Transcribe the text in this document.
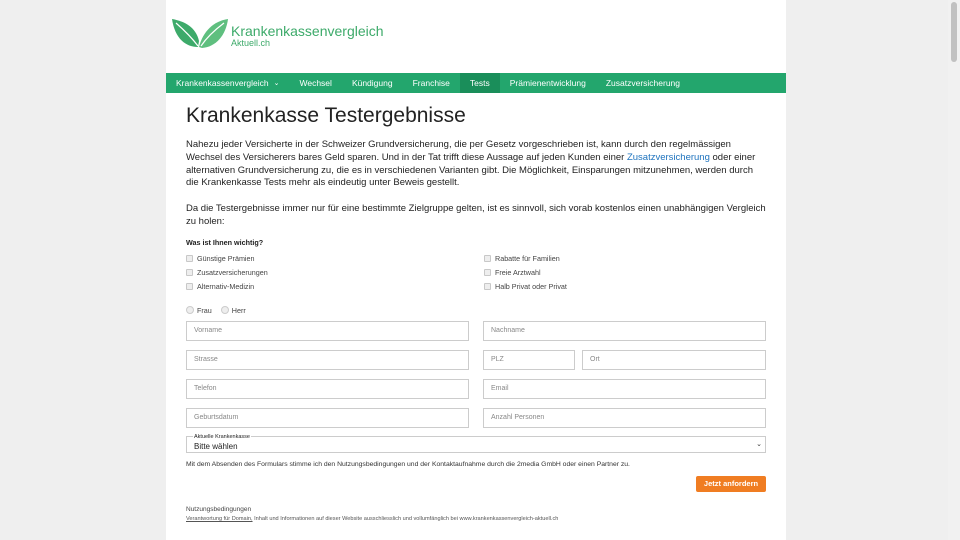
Krankenkassenvergleich
Aktuell.ch
Krankenkassenvergleich ⌄	Wechsel	Kündigung	Franchise	Tests	Prämienentwicklung	Zusatzversicherung
Krankenkasse Testergebnisse

Nahezu jeder Versicherte in der Schweizer Grundversicherung, die per Gesetz vorgeschrieben ist, kann durch den regelmässigen Wechsel des Versicherers bares Geld sparen. Und in der Tat trifft diese Aussage auf jeden Kunden einer Zusatzversicherung oder einer alternativen Grundversicherung zu, die es in verschiedenen Varianten gibt. Die Möglichkeit, Einsparungen mitzunehmen, werden durch die Krankenkasse Tests mehr als eindeutig unter Beweis gestellt.

Da die Testergebnisse immer nur für eine bestimmte Zielgruppe gelten, ist es sinnvoll, sich vorab kostenlos einen unabhängigen Vergleich zu holen:

Was ist Ihnen wichtig?
Günstige Prämien	Rabatte für Familien
Zusatzversicherungen	Freie Arztwahl
Alternativ-Medizin	Halb Privat oder Privat
Frau	Herr
Vorname	Nachname
Strasse	PLZ	Ort
Telefon	Email
Geburtsdatum	Anzahl Personen
Aktuelle Krankenkasse
Bitte wählen	⌄
Mit dem Absenden des Formulars stimme ich den Nutzungsbedingungen und der Kontaktaufnahme durch die 2media GmbH oder einen Partner zu.
Jetzt anfordern
Nutzungsbedingungen
Verantwortung für Domain, Inhalt und Informationen auf dieser Website ausschliesslich und vollumfänglich bei www.krankenkassenvergleich-aktuell.ch
